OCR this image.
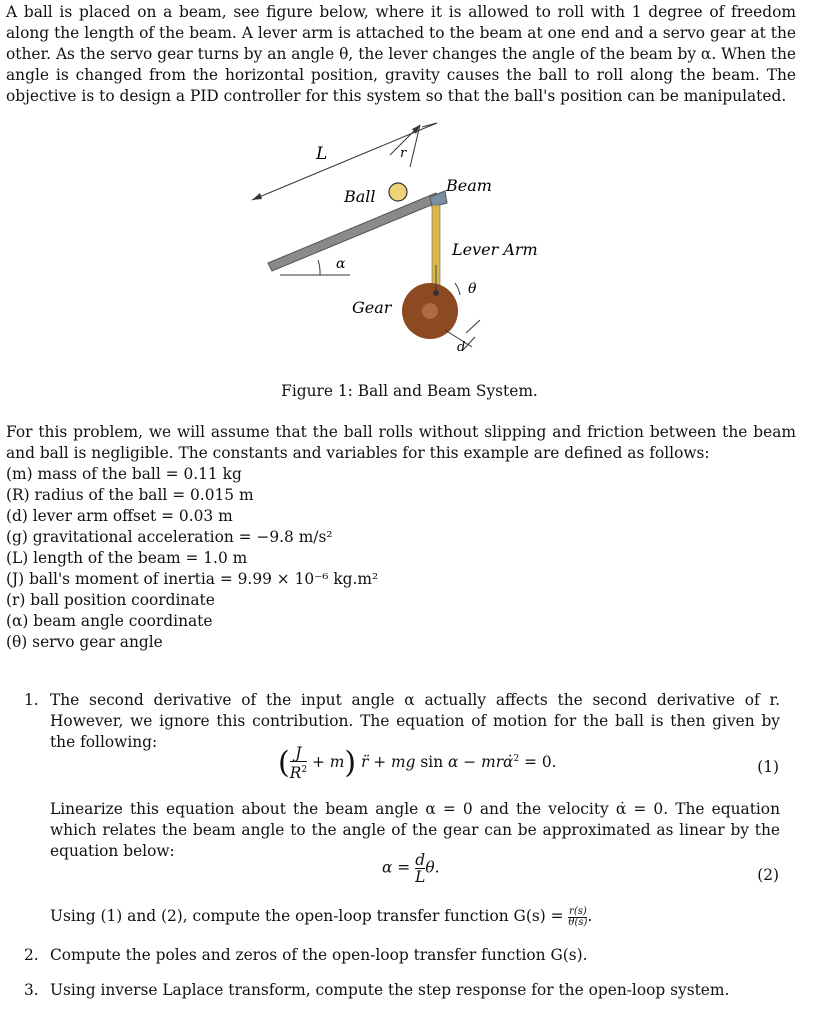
A ball is placed on a beam, see figure below, where it is allowed to roll with 1 degree of freedom along the length of the beam. A lever arm is attached to the beam at one end and a servo gear at the other. As the servo gear turns by an angle θ, the lever changes the angle of the beam by α. When the angle is changed from the horizontal position, gravity causes the ball to roll along the beam. The objective is to design a PID controller for this system so that the ball's position can be manipulated.
L	r
Ball
Beam
Lever Arm
α
θ
Gear
d
Figure 1: Ball and Beam System.
For this problem, we will assume that the ball rolls without slipping and friction between the beam and ball is negligible. The constants and variables for this example are defined as follows:
(m) mass of the ball = 0.11 kg
(R) radius of the ball = 0.015 m
(d) lever arm offset = 0.03 m
(g) gravitational acceleration = −9.8 m/s²
(L) length of the beam = 1.0 m
(J) ball's moment of inertia = 9.99 × 10⁻⁶ kg.m²
(r) ball position coordinate
(α) beam angle coordinate
(θ) servo gear angle
1. The second derivative of the input angle α actually affects the second derivative of r. However, we ignore this contribution. The equation of motion for the ball is then given by the following:
( $\frac{J}{R^2} + m$) r̈ + mg sin α − mrα̇$^2$ = 0.	(1)
Linearize this equation about the beam angle α = 0 and the velocity α̇ = 0. The equation which relates the beam angle to the angle of the gear can be approximated as linear by the equation below:
$\alpha = \frac{d}{L} \theta$.	(2)
Using (1) and (2), compute the open-loop transfer function $G(s) = \frac{r(s)}{\theta(s)}$ .
2. Compute the poles and zeros of the open-loop transfer function G(s).
3. Using inverse Laplace transform, compute the step response for the open-loop system.
